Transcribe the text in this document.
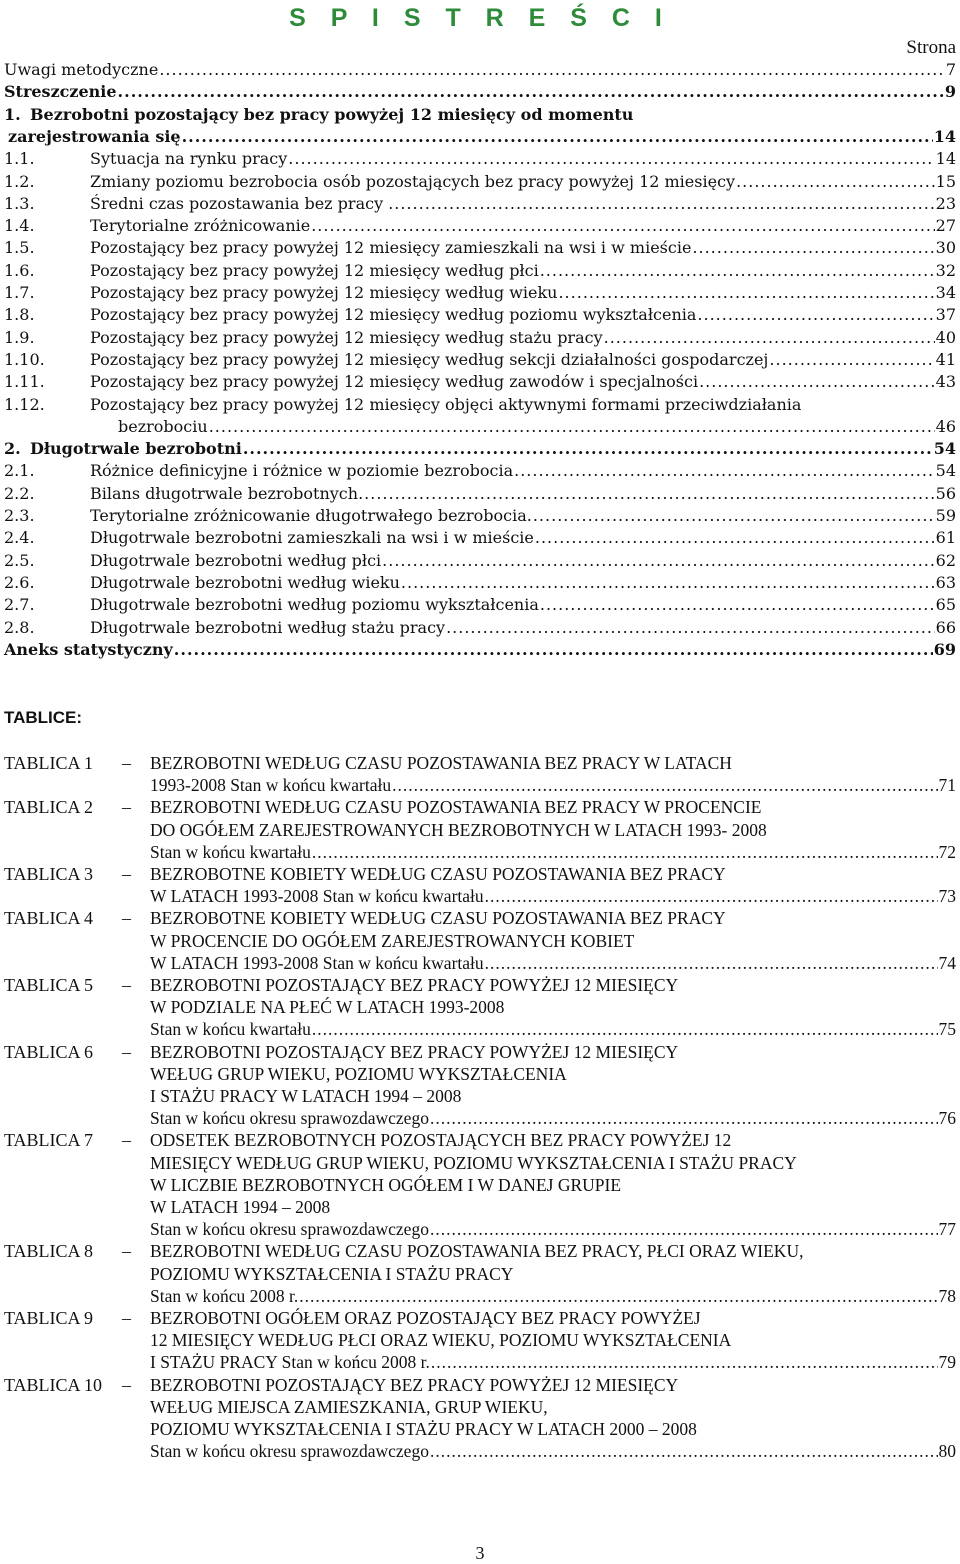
S P I S T R E Ś C I
Strona
Uwagi metodyczne .....	7
Streszczenie .....	9
1. Bezrobotni pozostający bez pracy powyżej 12 miesięcy od momentu
zarejestrowania się .....	14
1.1.	Sytuacja na rynku pracy .....	14
1.2.	Zmiany poziomu bezrobocia osób pozostających bez pracy powyżej 12 miesięcy .....	15
1.3.	Średni czas pozostawania bez pracy . .....	23
1.4.	Terytorialne zróżnicowanie .....	27
1.5.	Pozostający bez pracy powyżej 12 miesięcy zamieszkali na wsi i w mieście .....	30
1.6.	Pozostający bez pracy powyżej 12 miesięcy według płci .....	32
1.7.	Pozostający bez pracy powyżej 12 miesięcy według wieku .....	34
1.8.	Pozostający bez pracy powyżej 12 miesięcy według poziomu wykształcenia .....	37
1.9.	Pozostający bez pracy powyżej 12 miesięcy według stażu pracy .....	40
1.10.	Pozostający bez pracy powyżej 12 miesięcy według sekcji działalności gospodarczej .....	41
1.11.	Pozostający bez pracy powyżej 12 miesięcy według zawodów i specjalności .....	43
1.12.	Pozostający bez pracy powyżej 12 miesięcy objęci aktywnymi formami przeciwdziałania
bezrobociu .....	46
2. Długotrwale bezrobotni .....	54
2.1.	Różnice definicyjne i różnice w poziomie bezrobocia .....	54
2.2.	Bilans długotrwale bezrobotnych. .....	56
2.3.	Terytorialne zróżnicowanie długotrwałego bezrobocia. .....	59
2.4.	Długotrwale bezrobotni zamieszkali na wsi i w mieście .....	61
2.5.	Długotrwale bezrobotni według płci .....	62
2.6.	Długotrwale bezrobotni według wieku .....	63
2.7.	Długotrwale bezrobotni według poziomu wykształcenia .....	65
2.8.	Długotrwale bezrobotni według stażu pracy .....	66
Aneks statystyczny .....	69
TABLICE:
TABLICA 1 – BEZROBOTNI WEDŁUG CZASU POZOSTAWANIA BEZ PRACY W LATACH
1993-2008 Stan w końcu kwartału .....	71
TABLICA 2 – BEZROBOTNI WEDŁUG CZASU POZOSTAWANIA BEZ PRACY W PROCENCIE
DO OGÓŁEM ZAREJESTROWANYCH BEZROBOTNYCH W LATACH 1993- 2008
Stan w końcu kwartału .....	72
TABLICA 3 – BEZROBOTNE KOBIETY WEDŁUG CZASU POZOSTAWANIA BEZ PRACY
W LATACH 1993-2008 Stan w końcu kwartału .....	73
TABLICA 4 – BEZROBOTNE KOBIETY WEDŁUG CZASU POZOSTAWANIA BEZ PRACY
W PROCENCIE DO OGÓŁEM ZAREJESTROWANYCH KOBIET
W LATACH 1993-2008 Stan w końcu kwartału .....	74
TABLICA 5 – BEZROBOTNI POZOSTAJĄCY BEZ PRACY POWYŻEJ 12 MIESIĘCY
W PODZIALE NA PŁEĆ W LATACH 1993-2008
Stan w końcu kwartału .....	75
TABLICA 6 – BEZROBOTNI POZOSTAJĄCY BEZ PRACY POWYŻEJ 12 MIESIĘCY
WEŁUG GRUP WIEKU, POZIOMU WYKSZTAŁCENIA
I STAŻU PRACY W LATACH 1994 – 2008
Stan w końcu okresu sprawozdawczego .....	76
TABLICA 7 – ODSETEK BEZROBOTNYCH POZOSTAJĄCYCH BEZ PRACY POWYŻEJ 12
MIESIĘCY WEDŁUG GRUP WIEKU, POZIOMU WYKSZTAŁCENIA I STAŻU PRACY
W LICZBIE BEZROBOTNYCH OGÓŁEM I W DANEJ GRUPIE
W LATACH 1994 – 2008
Stan w końcu okresu sprawozdawczego .....	77
TABLICA 8 – BEZROBOTNI WEDŁUG CZASU POZOSTAWANIA BEZ PRACY, PŁCI ORAZ WIEKU,
POZIOMU WYKSZTAŁCENIA I STAŻU PRACY
Stan w końcu 2008 r. .....	78
TABLICA 9 – BEZROBOTNI OGÓŁEM ORAZ POZOSTAJĄCY BEZ PRACY POWYŻEJ
12 MIESIĘCY WEDŁUG PŁCI ORAZ WIEKU, POZIOMU WYKSZTAŁCENIA
I STAŻU PRACY Stan w końcu 2008 r. .....	79
TABLICA 10 – BEZROBOTNI POZOSTAJĄCY BEZ PRACY POWYŻEJ 12 MIESIĘCY
WEŁUG MIEJSCA ZAMIESZKANIA, GRUP WIEKU,
POZIOMU WYKSZTAŁCENIA I STAŻU PRACY W LATACH 2000 – 2008
Stan w końcu okresu sprawozdawczego .....	80
3
